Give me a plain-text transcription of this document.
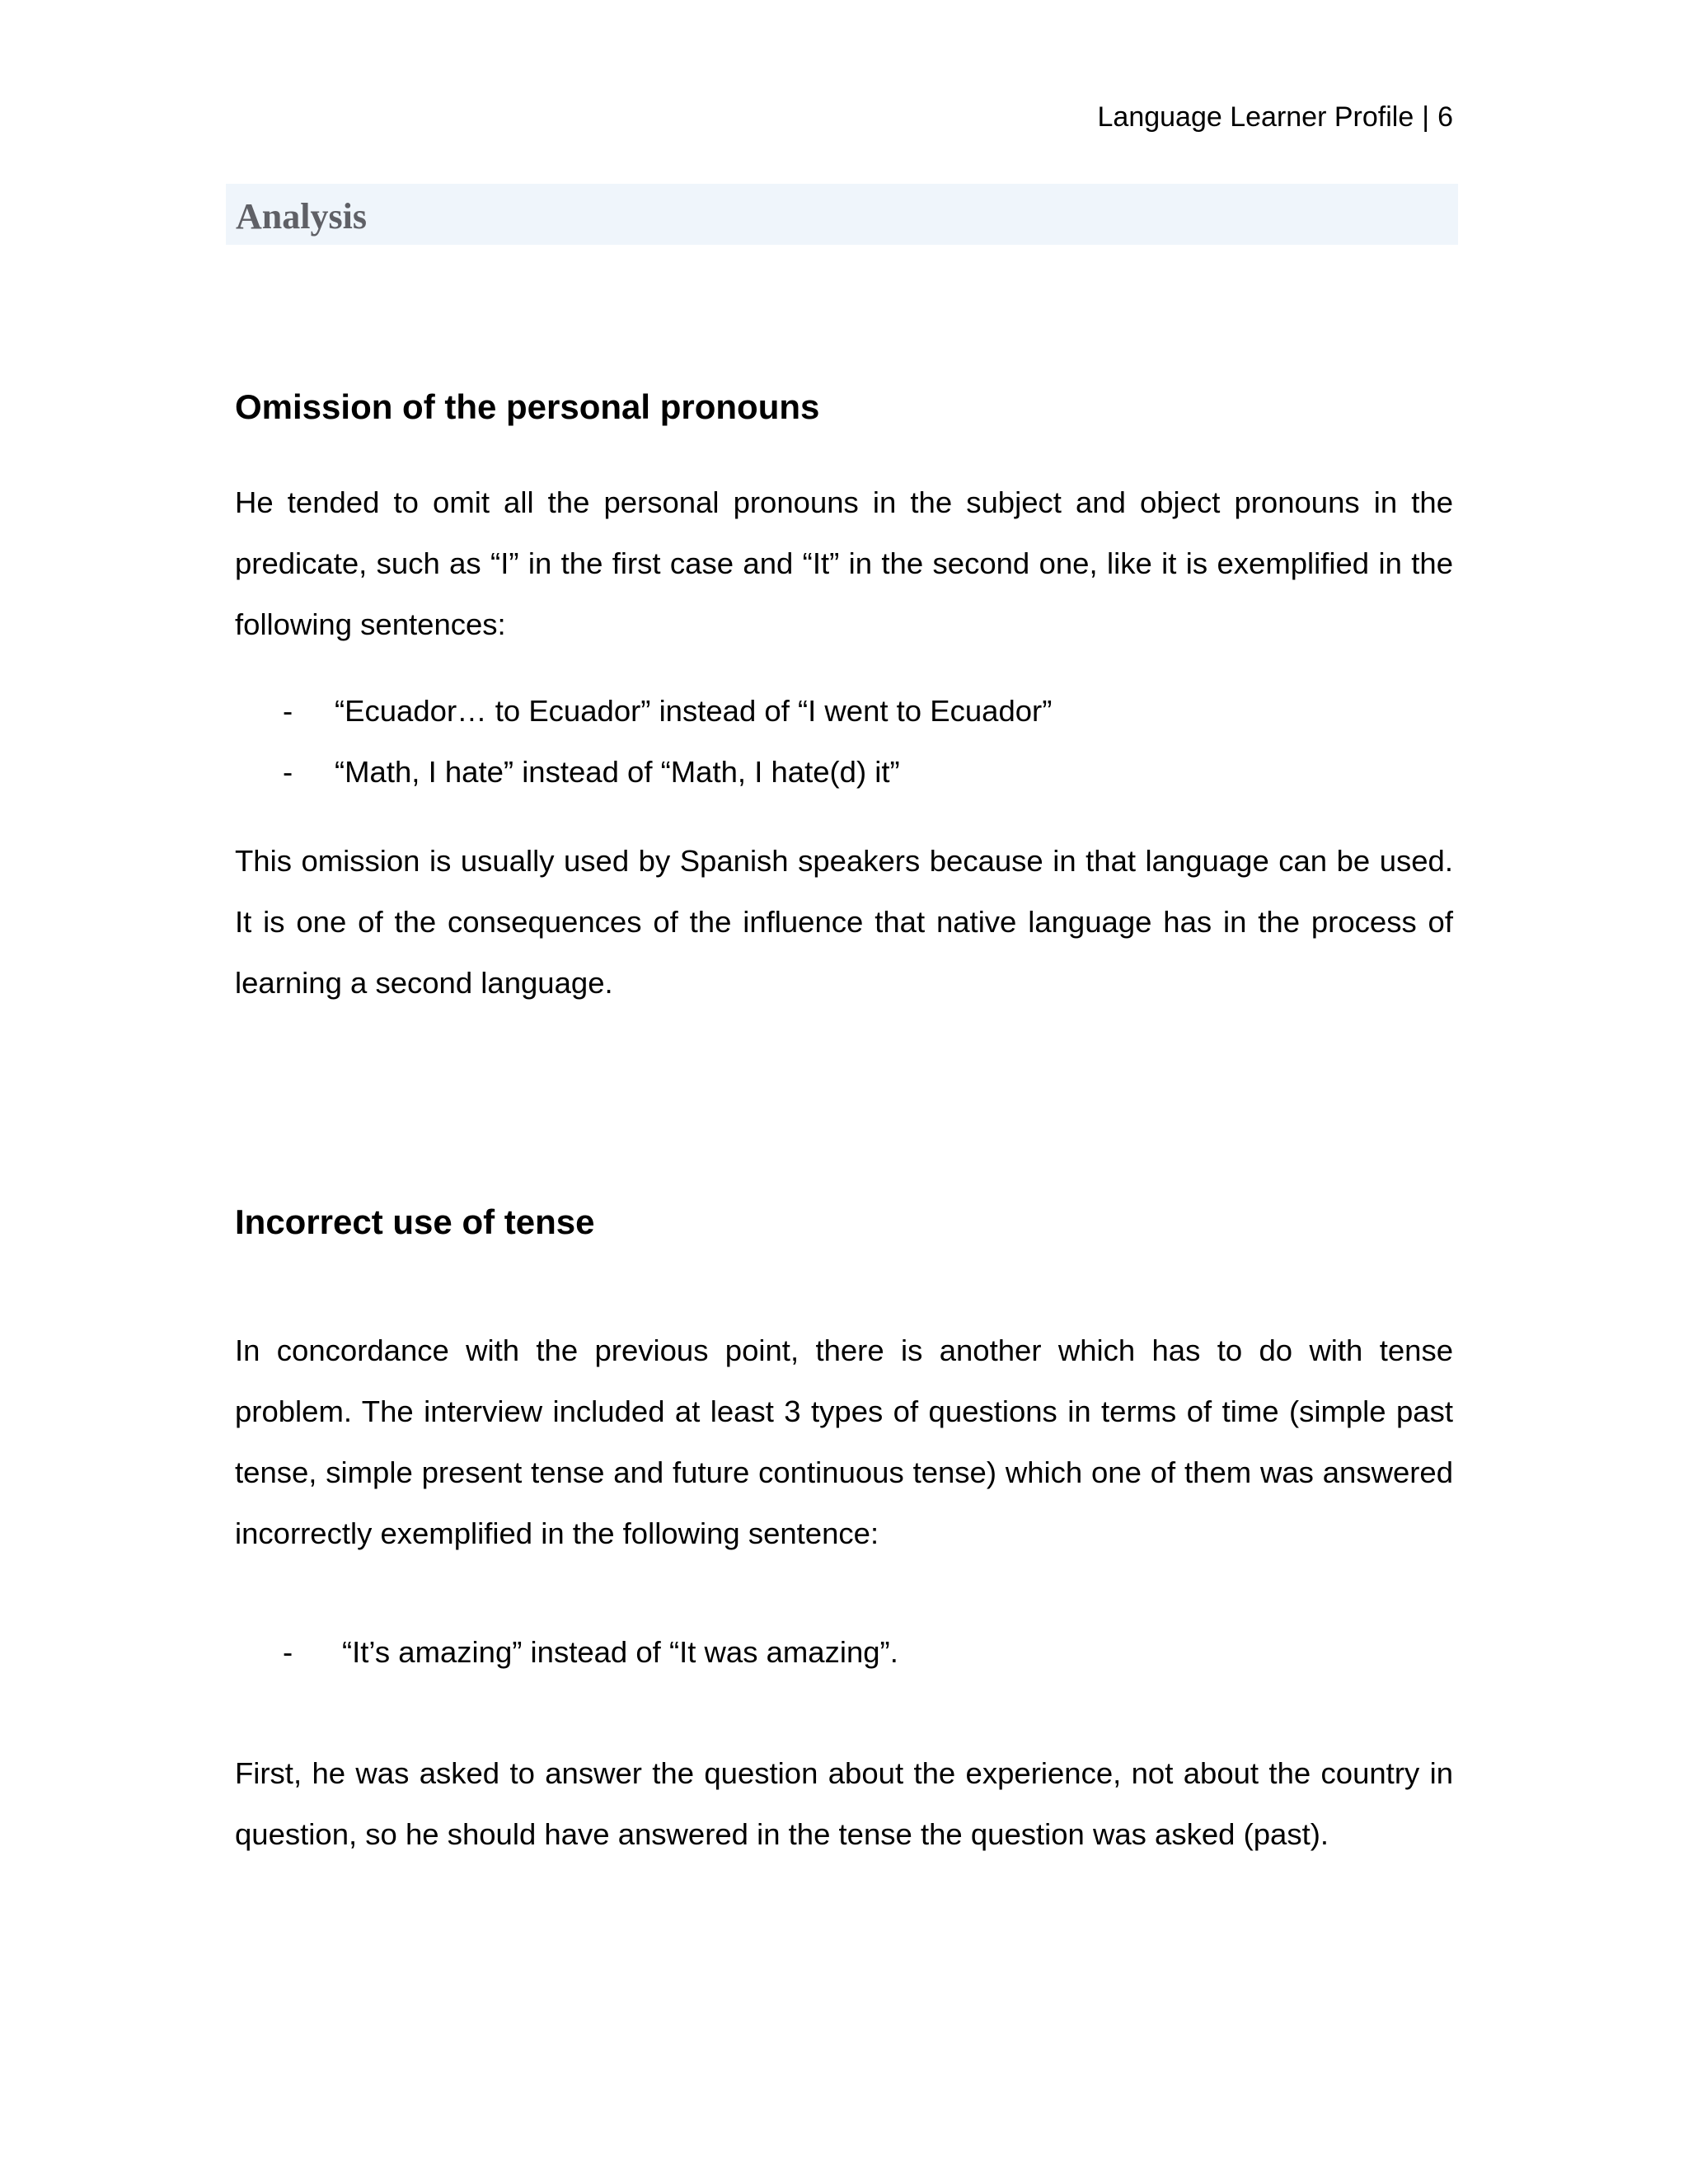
Language Learner Profile | 6
Analysis
Omission of the personal pronouns

He tended to omit all the personal pronouns in the subject and object pronouns in the predicate, such as “I” in the first case and “It” in the second one, like it is exemplified in the following sentences:

- “Ecuador… to Ecuador” instead of “I went to Ecuador”
- “Math, I hate” instead of “Math, I hate(d) it”

This omission is usually used by Spanish speakers because in that language can be used. It is one of the consequences of the influence that native language has in the process of learning a second language.

Incorrect use of tense

In concordance with the previous point, there is another which has to do with tense problem. The interview included at least 3 types of questions in terms of time (simple past tense, simple present tense and future continuous tense) which one of them was answered incorrectly exemplified in the following sentence:

- “It’s amazing” instead of “It was amazing”.

First, he was asked to answer the question about the experience, not about the country in question, so he should have answered in the tense the question was asked (past).
